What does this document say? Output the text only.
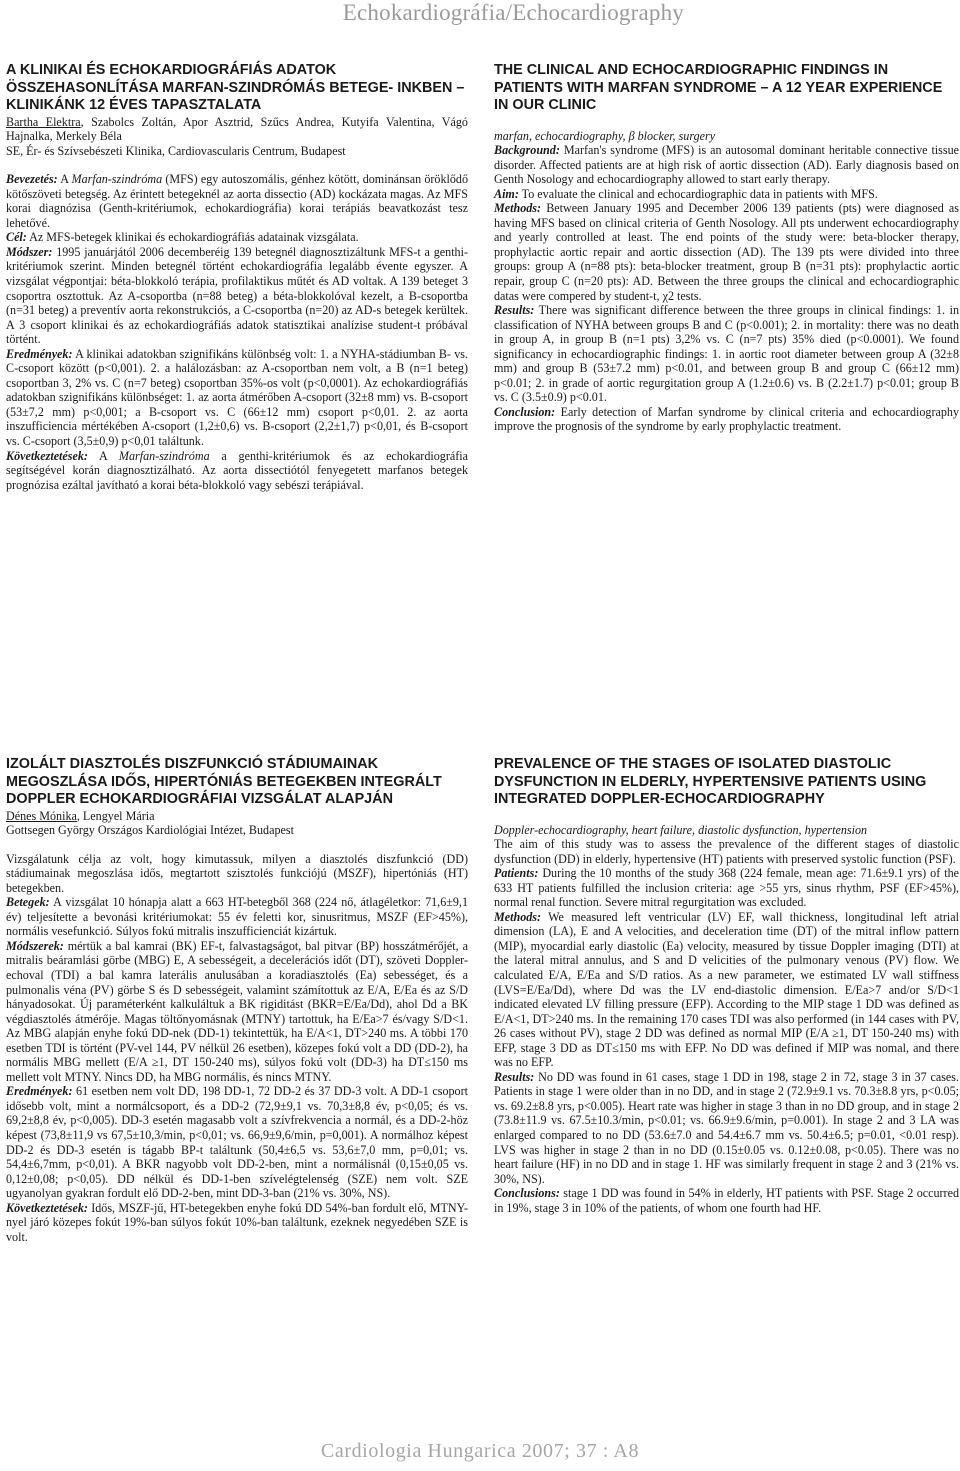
Echokardiográfia/Echocardiography
A KLINIKAI ÉS ECHOKARDIOGRÁFIÁS ADATOK ÖSSZEHASONLÍTÁSA MARFAN-SZINDRÓMÁS BETEGE- INKBEN – KLINIKÁNK 12 ÉVES TAPASZTALATA

Bartha Elektra, Szabolcs Zoltán, Apor Asztrid, Szűcs Andrea, Kutyifa Valentina, Vágó Hajnalka, Merkely Béla

SE, Ér- és Szívsebészeti Klinika, Cardiovascularis Centrum, Budapest

Bevezetés: A Marfan-szindróma (MFS) egy autoszomális, génhez kötött, dominánsan öröklődő kötőszöveti betegség. Az érintett betegeknél az aorta dissectio (AD) kockázata magas. Az MFS korai diagnózisa (Genth-kritériumok, echokardiográfia) korai terápiás beavatkozást tesz lehetővé.

Cél: Az MFS-betegek klinikai és echokardiográfiás adatainak vizsgálata.

Módszer: 1995 januárjától 2006 decemberéig 139 betegnél diagnosztizáltunk MFS-t a genthi-kritériumok szerint. Minden betegnél történt echokardiográfia legalább évente egyszer. A vizsgálat végpontjai: béta-blokkoló terápia, profilaktikus műtét és AD voltak. A 139 beteget 3 csoportra osztottuk. Az A-csoportba (n=88 beteg) a béta-blokkolóval kezelt, a B-csoportba (n=31 beteg) a preventív aorta rekonstrukciós, a C-csoportba (n=20) az AD-s betegek kerültek. A 3 csoport klinikai és az echokardiográfiás adatok statisztikai analízise student-t próbával történt.

Eredmények: A klinikai adatokban szignifikáns különbség volt: 1. a NYHA-stádiumban B- vs. C-csoport között (p<0,001). 2. a halálozásban: az A-csoportban nem volt, a B (n=1 beteg) csoportban 3, 2% vs. C (n=7 beteg) csoportban 35%-os volt (p<0,0001). Az echokardiográfiás adatokban szignifikáns különbséget: 1. az aorta átmérőben A-csoport (32±8 mm) vs. B-csoport (53±7,2 mm) p<0,001; a B-csoport vs. C (66±12 mm) csoport p<0,01. 2. az aorta inszufficiencia mértékében A-csoport (1,2±0,6) vs. B-csoport (2,2±1,7) p<0,01, és B-csoport vs. C-csoport (3,5±0,9) p<0,01 találtunk.

Következtetések: A Marfan-szindróma a genthi-kritériumok és az echokardiográfia segítségével korán diagnosztizálható. Az aorta dissectiótól fenyegetett marfanos betegek prognózisa ezáltal javítható a korai béta-blokkoló vagy sebészi terápiával.

THE CLINICAL AND ECHOCARDIOGRAPHIC FINDINGS IN PATIENTS WITH MARFAN SYNDROME – A 12 YEAR EXPERIENCE IN OUR CLINIC

marfan, echocardiography, β blocker, surgery

Background: Marfan's syndrome (MFS) is an autosomal dominant heritable connective tissue disorder. Affected patients are at high risk of aortic dissection (AD). Early diagnosis based on Genth Nosology and echocardiography allowed to start early therapy.

Aim: To evaluate the clinical and echocardiographic data in patients with MFS.

Methods: Between January 1995 and December 2006 139 patients (pts) were diagnosed as having MFS based on clinical criteria of Genth Nosology. All pts underwent echocardiography and yearly controlled at least. The end points of the study were: beta-blocker therapy, prophylactic aortic repair and aortic dissection (AD). The 139 pts were divided into three groups: group A (n=88 pts): beta-blocker treatment, group B (n=31 pts): prophylactic aortic repair, group C (n=20 pts): AD. Between the three groups the clinical and echocardiographic datas were compered by student-t, χ2 tests.

Results: There was significant difference between the three groups in clinical findings: 1. in classification of NYHA between groups B and C (p<0.001); 2. in mortality: there was no death in group A, in group B (n=1 pts) 3,2% vs. C (n=7 pts) 35% died (p<0.0001). We found significancy in echocardiographic findings: 1. in aortic root diameter between group A (32±8 mm) and group B (53±7.2 mm) p<0.01, and between group B and group C (66±12 mm) p<0.01; 2. in grade of aortic regurgitation group A (1.2±0.6) vs. B (2.2±1.7) p<0.01; group B vs. C (3.5±0.9) p<0.01.

Conclusion: Early detection of Marfan syndrome by clinical criteria and echocardiography improve the prognosis of the syndrome by early prophylactic treatment.

IZOLÁLT DIASZTOLÉS DISZFUNKCIÓ STÁDIUMAINAK MEGOSZLÁSA IDŐS, HIPERTÓNIÁS BETEGEKBEN INTEGRÁLT DOPPLER ECHOKARDIOGRÁFIAI VIZSGÁLAT ALAPJÁN

Dénes Mónika, Lengyel Mária

Gottsegen György Országos Kardiológiai Intézet, Budapest

Vizsgálatunk célja az volt, hogy kimutassuk, milyen a diasztolés diszfunkció (DD) stádiumainak megoszlása idős, megtartott szisztolés funkciójú (MSZF), hipertóniás (HT) betegekben.

Betegek: A vizsgálat 10 hónapja alatt a 663 HT-betegből 368 (224 nő, átlagéletkor: 71,6±9,1 év) teljesítette a bevonási kritériumokat: 55 év feletti kor, sinusritmus, MSZF (EF>45%), normális vesefunkció. Súlyos fokú mitralis inszufficienciát kizártuk.

Módszerek: mértük a bal kamrai (BK) EF-t, falvastagságot, bal pitvar (BP) hosszátmérőjét, a mitralis beáramlási görbe (MBG) E, A sebességeit, a decelerációs időt (DT), szöveti Doppler-echoval (TDI) a bal kamra laterális anulusában a koradiasztolés (Ea) sebességet, és a pulmonalis véna (PV) görbe S és D sebességeit, valamint számítottuk az E/A, E/Ea és az S/D hányadosokat. Új paraméterként kalkuláltuk a BK rigiditást (BKR=E/Ea/Dd), ahol Dd a BK végdiasztolés átmérője. Magas töltőnyomásnak (MTNY) tartottuk, ha E/Ea>7 és/vagy S/D<1. Az MBG alapján enyhe fokú DD-nek (DD-1) tekintettük, ha E/A<1, DT>240 ms. A többi 170 esetben TDI is történt (PV-vel 144, PV nélkül 26 esetben), közepes fokú volt a DD (DD-2), ha normális MBG mellett (E/A ≥1, DT 150-240 ms), súlyos fokú volt (DD-3) ha DT≤150 ms mellett volt MTNY. Nincs DD, ha MBG normális, és nincs MTNY.

Eredmények: 61 esetben nem volt DD, 198 DD-1, 72 DD-2 és 37 DD-3 volt. A DD-1 csoport idősebb volt, mint a normálcsoport, és a DD-2 (72,9±9,1 vs. 70,3±8,8 év, p<0,05; és vs. 69,2±8,8 év, p<0,005). DD-3 esetén magasabb volt a szívfrekvencia a normál, és a DD-2-höz képest (73,8±11,9 vs 67,5±10,3/min, p<0,01; vs. 66,9±9,6/min, p=0,001). A normálhoz képest DD-2 és DD-3 esetén is tágabb BP-t találtunk (50,4±6,5 vs. 53,6±7,0 mm, p=0,01; vs. 54,4±6,7mm, p<0,01). A BKR nagyobb volt DD-2-ben, mint a normálisnál (0,15±0,05 vs. 0,12±0,08; p<0,05). DD nélkül és DD-1-ben szívelégtelenség (SZE) nem volt. SZE ugyanolyan gyakran fordult elő DD-2-ben, mint DD-3-ban (21% vs. 30%, NS).

Következtetések: Idős, MSZF-jű, HT-betegekben enyhe fokú DD 54%-ban fordult elő, MTNY-nyel járó közepes fokút 19%-ban súlyos fokút 10%-ban találtunk, ezeknek negyedében SZE is volt.

PREVALENCE OF THE STAGES OF ISOLATED DIASTOLIC DYSFUNCTION IN ELDERLY, HYPERTENSIVE PATIENTS USING INTEGRATED DOPPLER-ECHOCARDIOGRAPHY

Doppler-echocardiography, heart failure, diastolic dysfunction, hypertension

The aim of this study was to assess the prevalence of the different stages of diastolic dysfunction (DD) in elderly, hypertensive (HT) patients with preserved systolic function (PSF).

Patients: During the 10 months of the study 368 (224 female, mean age: 71.6±9.1 yrs) of the 633 HT patients fulfilled the inclusion criteria: age >55 yrs, sinus rhythm, PSF (EF>45%), normal renal function. Severe mitral regurgitation was excluded.

Methods: We measured left ventricular (LV) EF, wall thickness, longitudinal left atrial dimension (LA), E and A velocities, and deceleration time (DT) of the mitral inflow pattern (MIP), myocardial early diastolic (Ea) velocity, measured by tissue Doppler imaging (DTI) at the lateral mitral annulus, and S and D velicities of the pulmonary venous (PV) flow. We calculated E/A, E/Ea and S/D ratios. As a new parameter, we estimated LV wall stiffness (LVS=E/Ea/Dd), where Dd was the LV end-diastolic dimension. E/Ea>7 and/or S/D<1 indicated elevated LV filling pressure (EFP). According to the MIP stage 1 DD was defined as E/A<1, DT>240 ms. In the remaining 170 cases TDI was also performed (in 144 cases with PV, 26 cases without PV), stage 2 DD was defined as normal MIP (E/A ≥1, DT 150-240 ms) with EFP, stage 3 DD as DT≤150 ms with EFP. No DD was defined if MIP was nomal, and there was no EFP.

Results: No DD was found in 61 cases, stage 1 DD in 198, stage 2 in 72, stage 3 in 37 cases. Patients in stage 1 were older than in no DD, and in stage 2 (72.9±9.1 vs. 70.3±8.8 yrs, p<0.05; vs. 69.2±8.8 yrs, p<0.005). Heart rate was higher in stage 3 than in no DD group, and in stage 2 (73.8±11.9 vs. 67.5±10.3/min, p<0.01; vs. 66.9±9.6/min, p=0.001). In stage 2 and 3 LA was enlarged compared to no DD (53.6±7.0 and 54.4±6.7 mm vs. 50.4±6.5; p=0.01, <0.01 resp). LVS was higher in stage 2 than in no DD (0.15±0.05 vs. 0.12±0.08, p<0.05). There was no heart failure (HF) in no DD and in stage 1. HF was similarly frequent in stage 2 and 3 (21% vs. 30%, NS).

Conclusions: stage 1 DD was found in 54% in elderly, HT patients with PSF. Stage 2 occurred in 19%, stage 3 in 10% of the patients, of whom one fourth had HF.

Cardiologia Hungarica 2007; 37 : A8
